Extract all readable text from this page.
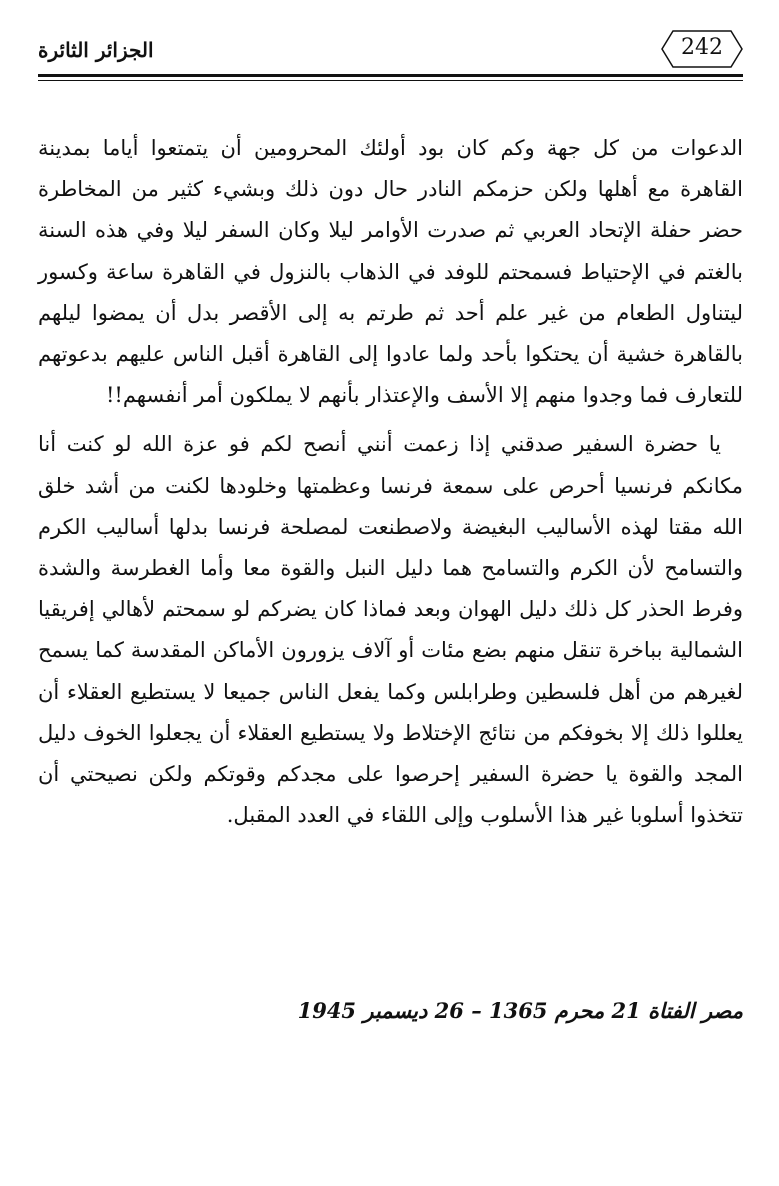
الجزائر الثائرة	242

الدعوات من كل جهة وكم كان بود أولئك المحرومين أن يتمتعوا أياما بمدينة القاهرة مع أهلها ولكن حزمكم النادر حال دون ذلك وبشيء كثير من المخاطرة حضر حفلة الإتحاد العربي ثم صدرت الأوامر ليلا وكان السفر ليلا وفي هذه السنة بالغتم في الإحتياط فسمحتم للوفد في الذهاب بالنزول في القاهرة ساعة وكسور ليتناول الطعام من غير علم أحد ثم طرتم به إلى الأقصر بدل أن يمضوا ليلهم بالقاهرة خشية أن يحتكوا بأحد ولما عادوا إلى القاهرة أقبل الناس عليهم بدعوتهم للتعارف فما وجدوا منهم إلا الأسف والإعتذار بأنهم لا يملكون أمر أنفسهم!!

يا حضرة السفير صدقني إذا زعمت أنني أنصح لكم فو عزة الله لو كنت أنا مكانكم فرنسيا أحرص على سمعة فرنسا وعظمتها وخلودها لكنت من أشد خلق الله مقتا لهذه الأساليب البغيضة ولاصطنعت لمصلحة فرنسا بدلها أساليب الكرم والتسامح لأن الكرم والتسامح هما دليل النبل والقوة معا وأما الغطرسة والشدة وفرط الحذر كل ذلك دليل الهوان وبعد فماذا كان يضركم لو سمحتم لأهالي إفريقيا الشمالية بباخرة تنقل منهم بضع مئات أو آلاف يزورون الأماكن المقدسة كما يسمح لغيرهم من أهل فلسطين وطرابلس وكما يفعل الناس جميعا لا يستطيع العقلاء أن يعللوا ذلك إلا بخوفكم من نتائج الإختلاط ولا يستطيع العقلاء أن يجعلوا الخوف دليل المجد والقوة يا حضرة السفير إحرصوا على مجدكم وقوتكم ولكن نصيحتي أن تتخذوا أسلوبا غير هذا الأسلوب وإلى اللقاء في العدد المقبل.

مصر الفتاة 21 محرم 1365 – 26 ديسمبر 1945
